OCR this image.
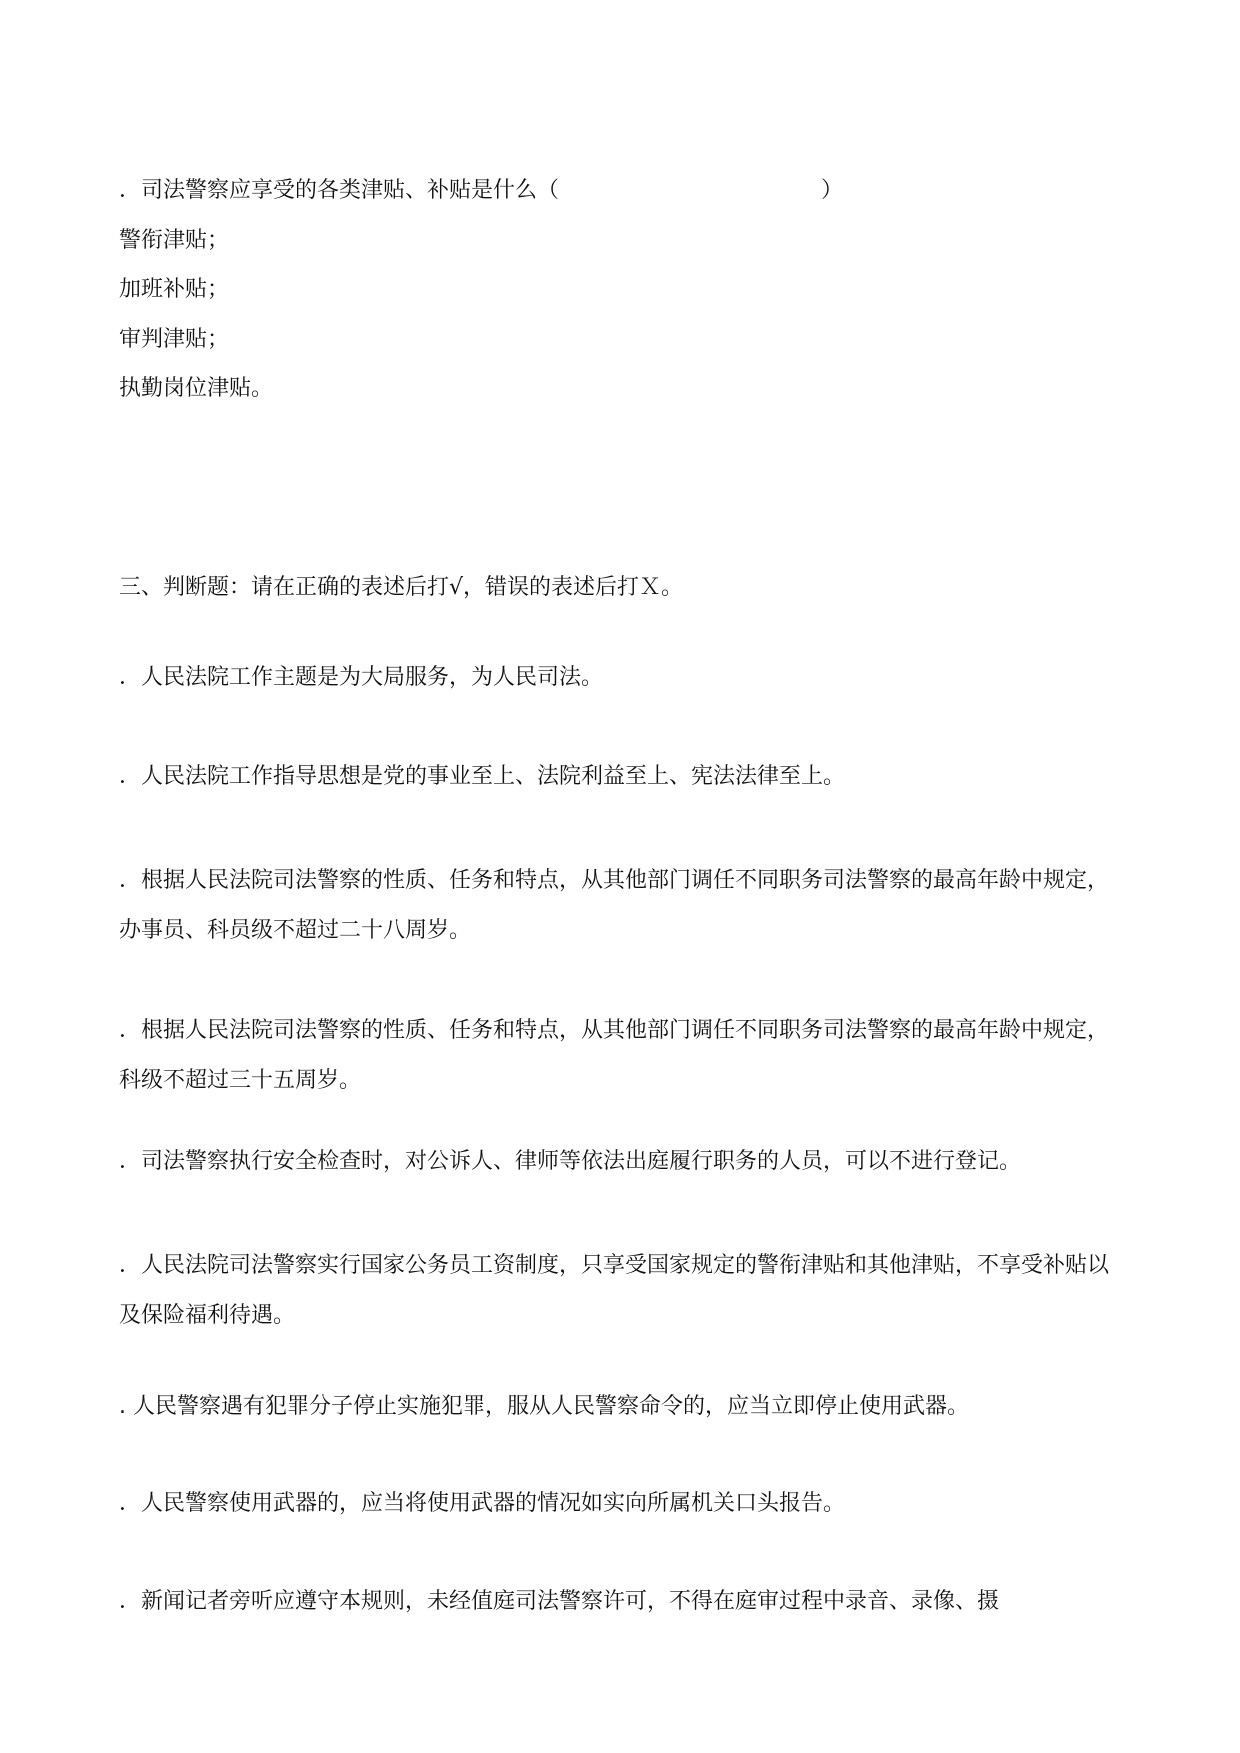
．司法警察应享受的各类津贴、补贴是什么（	）
警衔津贴；
加班补贴；
审判津贴；
执勤岗位津贴。
三、判断题：请在正确的表述后打√，错误的表述后打Ｘ。
．人民法院工作主题是为大局服务，为人民司法。
．人民法院工作指导思想是党的事业至上、法院利益至上、宪法法律至上。
．根据人民法院司法警察的性质、任务和特点，从其他部门调任不同职务司法警察的最高年龄中规定，办事员、科员级不超过二十八周岁。
．根据人民法院司法警察的性质、任务和特点，从其他部门调任不同职务司法警察的最高年龄中规定，科级不超过三十五周岁。
．司法警察执行安全检查时，对公诉人、律师等依法出庭履行职务的人员，可以不进行登记。
．人民法院司法警察实行国家公务员工资制度，只享受国家规定的警衔津贴和其他津贴，不享受补贴以及保险福利待遇。
. 人民警察遇有犯罪分子停止实施犯罪，服从人民警察命令的，应当立即停止使用武器。
．人民警察使用武器的，应当将使用武器的情况如实向所属机关口头报告。
．新闻记者旁听应遵守本规则，未经值庭司法警察许可，不得在庭审过程中录音、录像、摄
